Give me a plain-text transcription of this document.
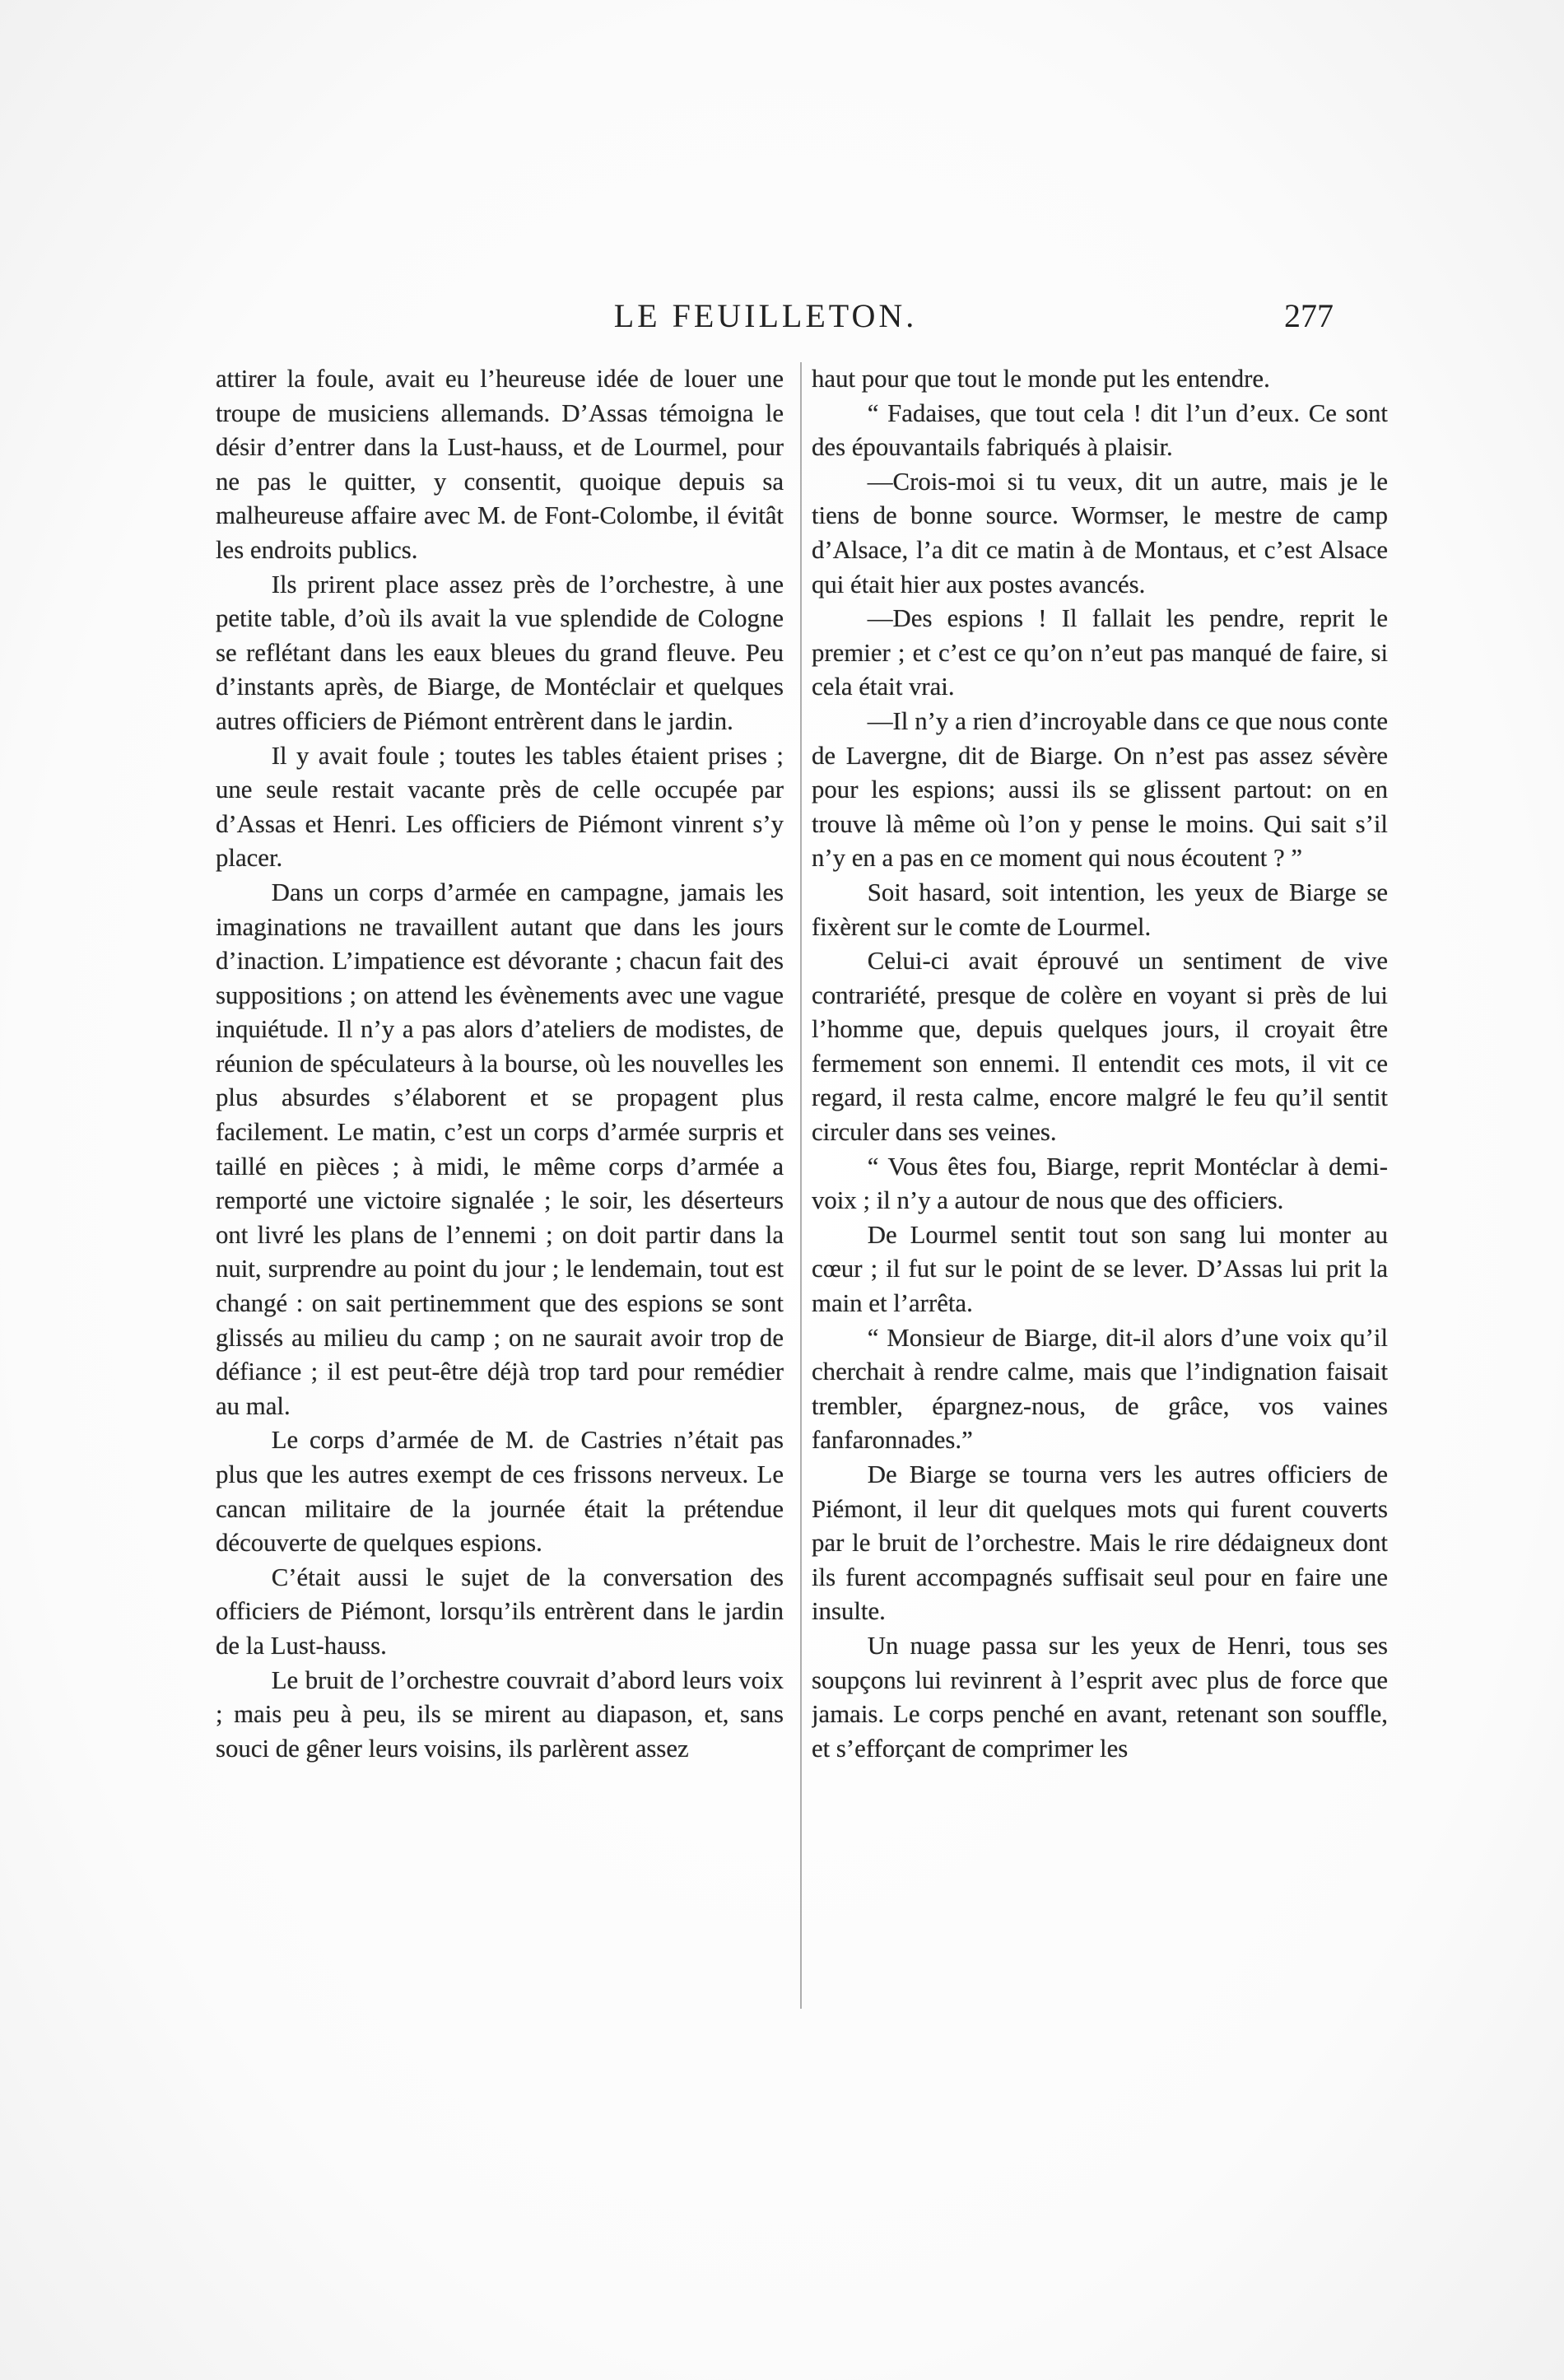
LE FEUILLETON.	277

attirer la foule, avait eu l’heureuse idée de louer une troupe de musiciens allemands. D’Assas témoigna le désir d’entrer dans la Lust-hauss, et de Lourmel, pour ne pas le quitter, y consentit, quoique depuis sa malheureuse affaire avec M. de Font-Colombe, il évitât les endroits publics.

Ils prirent place assez près de l’orchestre, à une petite table, d’où ils avait la vue splendide de Cologne se reflétant dans les eaux bleues du grand fleuve. Peu d’instants après, de Biarge, de Montéclair et quelques autres officiers de Piémont entrèrent dans le jardin.

Il y avait foule ; toutes les tables étaient prises ; une seule restait vacante près de celle occupée par d’Assas et Henri. Les officiers de Piémont vinrent s’y placer.

Dans un corps d’armée en campagne, jamais les imaginations ne travaillent autant que dans les jours d’inaction. L’impatience est dévorante ; chacun fait des suppositions ; on attend les évènements avec une vague inquiétude. Il n’y a pas alors d’ateliers de modistes, de réunion de spéculateurs à la bourse, où les nouvelles les plus absurdes s’élaborent et se propagent plus facilement. Le matin, c’est un corps d’armée surpris et taillé en pièces ; à midi, le même corps d’armée a remporté une victoire signalée ; le soir, les déserteurs ont livré les plans de l’ennemi ; on doit partir dans la nuit, surprendre au point du jour ; le lendemain, tout est changé : on sait pertinemment que des espions se sont glissés au milieu du camp ; on ne saurait avoir trop de défiance ; il est peut-être déjà trop tard pour remédier au mal.

Le corps d’armée de M. de Castries n’était pas plus que les autres exempt de ces frissons nerveux. Le cancan militaire de la journée était la prétendue découverte de quelques espions.

C’était aussi le sujet de la conversation des officiers de Piémont, lorsqu’ils entrèrent dans le jardin de la Lust-hauss.

Le bruit de l’orchestre couvrait d’abord leurs voix ; mais peu à peu, ils se mirent au diapason, et, sans souci de gêner leurs voisins, ils parlèrent assez

haut pour que tout le monde put les entendre.

“ Fadaises, que tout cela ! dit l’un d’eux. Ce sont des épouvantails fabriqués à plaisir.

—Crois-moi si tu veux, dit un autre, mais je le tiens de bonne source. Wormser, le mestre de camp d’Alsace, l’a dit ce matin à de Montaus, et c’est Alsace qui était hier aux postes avancés.

—Des espions ! Il fallait les pendre, reprit le premier ; et c’est ce qu’on n’eut pas manqué de faire, si cela était vrai.

—Il n’y a rien d’incroyable dans ce que nous conte de Lavergne, dit de Biarge. On n’est pas assez sévère pour les espions; aussi ils se glissent partout: on en trouve là même où l’on y pense le moins. Qui sait s’il n’y en a pas en ce moment qui nous écoutent ? ”

Soit hasard, soit intention, les yeux de Biarge se fixèrent sur le comte de Lourmel.

Celui-ci avait éprouvé un sentiment de vive contrariété, presque de colère en voyant si près de lui l’homme que, depuis quelques jours, il croyait être fermement son ennemi. Il entendit ces mots, il vit ce regard, il resta calme, encore malgré le feu qu’il sentit circuler dans ses veines.

“ Vous êtes fou, Biarge, reprit Montéclar à demi-voix ; il n’y a autour de nous que des officiers.

De Lourmel sentit tout son sang lui monter au cœur ; il fut sur le point de se lever. D’Assas lui prit la main et l’arrêta.

“ Monsieur de Biarge, dit-il alors d’une voix qu’il cherchait à rendre calme, mais que l’indignation faisait trembler, épargnez-nous, de grâce, vos vaines fanfaronnades.”

De Biarge se tourna vers les autres officiers de Piémont, il leur dit quelques mots qui furent couverts par le bruit de l’orchestre. Mais le rire dédaigneux dont ils furent accompagnés suffisait seul pour en faire une insulte.

Un nuage passa sur les yeux de Henri, tous ses soupçons lui revinrent à l’esprit avec plus de force que jamais. Le corps penché en avant, retenant son souffle, et s’efforçant de comprimer les
